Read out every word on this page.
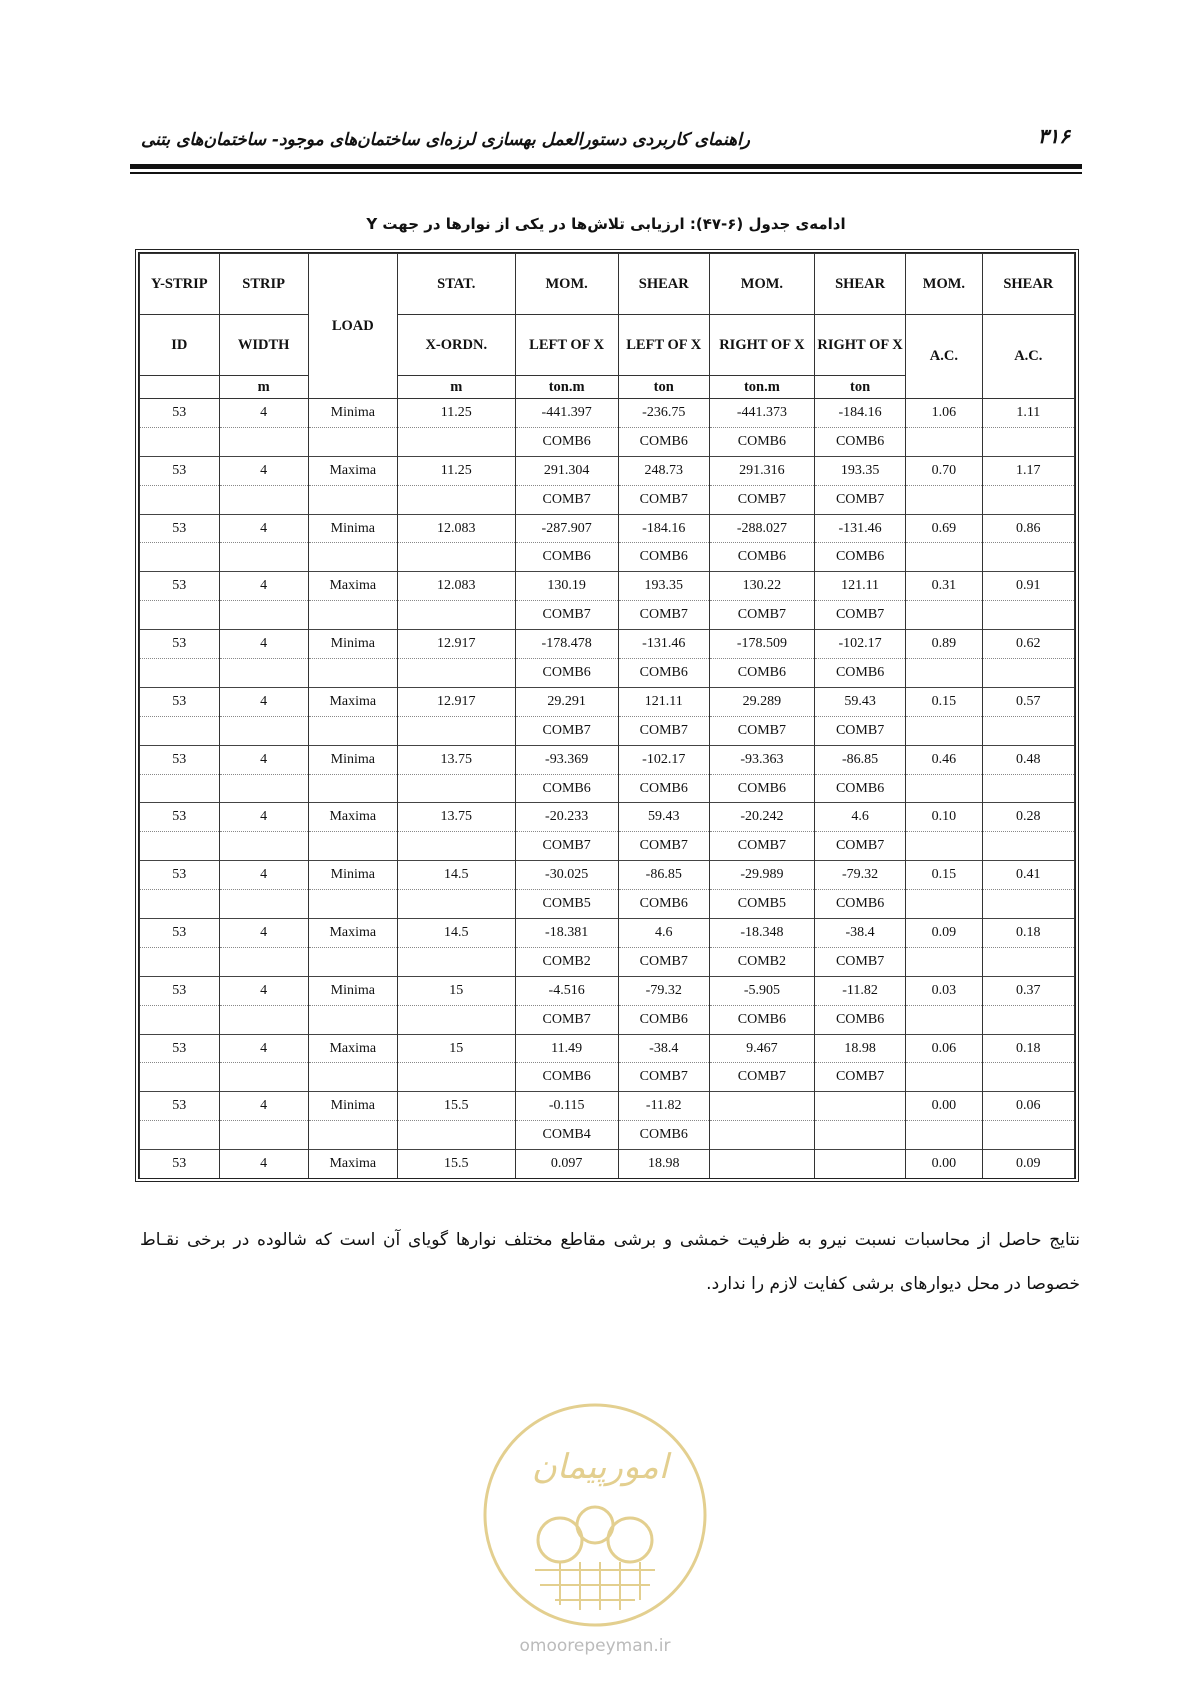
۳۱۶
راهنمای کاربردی دستورالعمل بهسازی لرزه‌ای ساختمان‌های موجود- ساختمان‌های بتنی
ادامه‌ی جدول (۶-۴۷): ارزیابی تلاش‌ها در یکی از نوارها در جهت Y
Y-STRIP	STRIP	LOAD	STAT.	MOM.	SHEAR	MOM.	SHEAR	MOM.	SHEAR
ID	WIDTH		X-ORDN.	LEFT OF X	LEFT OF X	RIGHT OF X	RIGHT OF X	A.C.	A.C.
	m		m	ton.m	ton	ton.m	ton		
53	4	Minima	11.25	-441.397	-236.75	-441.373	-184.16	1.06	1.11
				COMB6	COMB6	COMB6	COMB6		
53	4	Maxima	11.25	291.304	248.73	291.316	193.35	0.70	1.17
				COMB7	COMB7	COMB7	COMB7		
53	4	Minima	12.083	-287.907	-184.16	-288.027	-131.46	0.69	0.86
				COMB6	COMB6	COMB6	COMB6		
53	4	Maxima	12.083	130.19	193.35	130.22	121.11	0.31	0.91
				COMB7	COMB7	COMB7	COMB7		
53	4	Minima	12.917	-178.478	-131.46	-178.509	-102.17	0.89	0.62
				COMB6	COMB6	COMB6	COMB6		
53	4	Maxima	12.917	29.291	121.11	29.289	59.43	0.15	0.57
				COMB7	COMB7	COMB7	COMB7		
53	4	Minima	13.75	-93.369	-102.17	-93.363	-86.85	0.46	0.48
				COMB6	COMB6	COMB6	COMB6		
53	4	Maxima	13.75	-20.233	59.43	-20.242	4.6	0.10	0.28
				COMB7	COMB7	COMB7	COMB7		
53	4	Minima	14.5	-30.025	-86.85	-29.989	-79.32	0.15	0.41
				COMB5	COMB6	COMB5	COMB6		
53	4	Maxima	14.5	-18.381	4.6	-18.348	-38.4	0.09	0.18
				COMB2	COMB7	COMB2	COMB7		
53	4	Minima	15	-4.516	-79.32	-5.905	-11.82	0.03	0.37
				COMB7	COMB6	COMB6	COMB6		
53	4	Maxima	15	11.49	-38.4	9.467	18.98	0.06	0.18
				COMB6	COMB7	COMB7	COMB7		
53	4	Minima	15.5	-0.115	-11.82			0.00	0.06
				COMB4	COMB6				
53	4	Maxima	15.5	0.097	18.98			0.00	0.09
نتایج حاصل از محاسبات نسبت نیرو به ظرفیت خمشی و برشی مقاطع مختلف نوارها گویای آن است که شالوده در برخی نقـاط خصوصا در محل دیوارهای برشی کفایت لازم را ندارد.
امورپیمان
omoorepeyman.ir
